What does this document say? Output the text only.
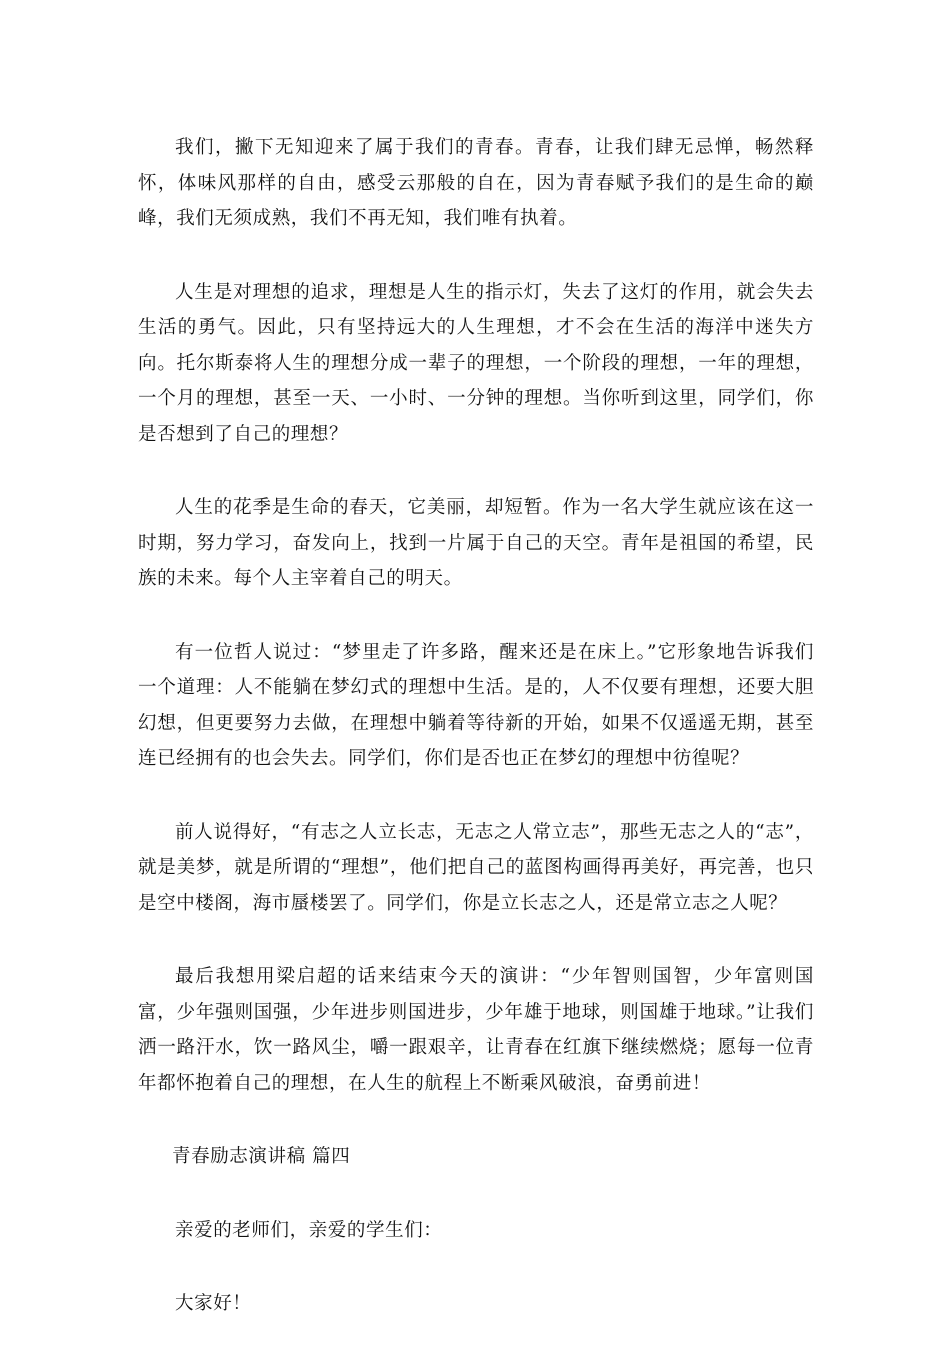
我们，撇下无知迎来了属于我们的青春。青春，让我们肆无忌惮，畅然释怀，体味风那样的自由，感受云那般的自在，因为青春赋予我们的是生命的巅峰，我们无须成熟，我们不再无知，我们唯有执着。

人生是对理想的追求，理想是人生的指示灯，失去了这灯的作用，就会失去生活的勇气。因此，只有坚持远大的人生理想，才不会在生活的海洋中迷失方向。托尔斯泰将人生的理想分成一辈子的理想，一个阶段的理想，一年的理想，一个月的理想，甚至一天、一小时、一分钟的理想。当你听到这里，同学们，你是否想到了自己的理想？

人生的花季是生命的春天，它美丽，却短暂。作为一名大学生就应该在这一时期，努力学习，奋发向上，找到一片属于自己的天空。青年是祖国的希望，民族的未来。每个人主宰着自己的明天。

有一位哲人说过：“梦里走了许多路，醒来还是在床上。”它形象地告诉我们一个道理：人不能躺在梦幻式的理想中生活。是的，人不仅要有理想，还要大胆幻想，但更要努力去做，在理想中躺着等待新的开始，如果不仅遥遥无期，甚至连已经拥有的也会失去。同学们，你们是否也正在梦幻的理想中彷徨呢？

前人说得好，“有志之人立长志，无志之人常立志”，那些无志之人的“志”，就是美梦，就是所谓的“理想”，他们把自己的蓝图构画得再美好，再完善，也只是空中楼阁，海市蜃楼罢了。同学们，你是立长志之人，还是常立志之人呢？

最后我想用梁启超的话来结束今天的演讲：“少年智则国智，少年富则国富，少年强则国强，少年进步则国进步，少年雄于地球，则国雄于地球。”让我们洒一路汗水，饮一路风尘，嚼一跟艰辛，让青春在红旗下继续燃烧；愿每一位青年都怀抱着自己的理想，在人生的航程上不断乘风破浪，奋勇前进！

青春励志演讲稿 篇四
亲爱的老师们，亲爱的学生们：
大家好！
